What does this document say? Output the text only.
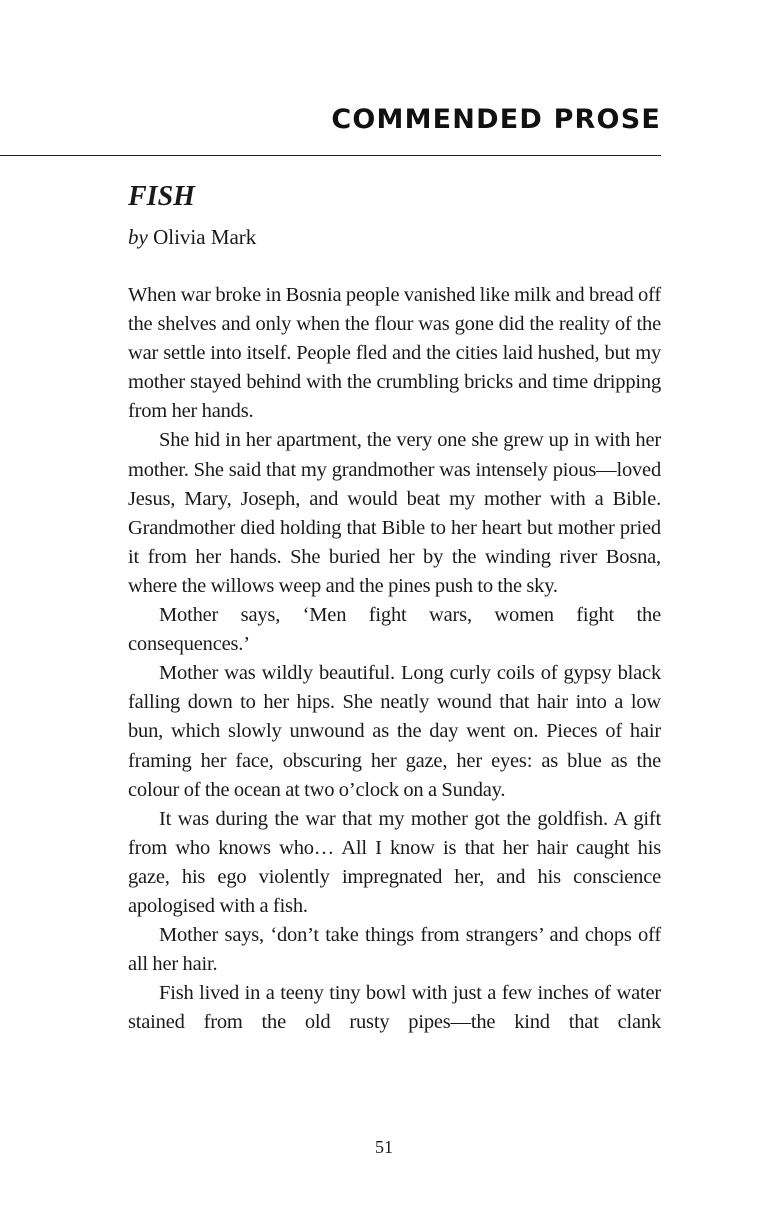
COMMENDED PROSE
FISH
by Olivia Mark

When war broke in Bosnia people vanished like milk and bread off the shelves and only when the flour was gone did the reality of the war settle into itself. People fled and the cities laid hushed, but my mother stayed behind with the crumbling bricks and time dripping from her hands.

She hid in her apartment, the very one she grew up in with her mother. She said that my grandmother was intensely pious—loved Jesus, Mary, Joseph, and would beat my mother with a Bible. Grandmother died holding that Bible to her heart but mother pried it from her hands. She buried her by the winding river Bosna, where the willows weep and the pines push to the sky.

Mother says, ‘Men fight wars, women fight the consequences.’

Mother was wildly beautiful. Long curly coils of gypsy black falling down to her hips. She neatly wound that hair into a low bun, which slowly unwound as the day went on. Pieces of hair framing her face, obscuring her gaze, her eyes: as blue as the colour of the ocean at two o’clock on a Sunday.

It was during the war that my mother got the goldfish. A gift from who knows who… All I know is that her hair caught his gaze, his ego violently impregnated her, and his conscience apologised with a fish.

Mother says, ‘don’t take things from strangers’ and chops off all her hair.

Fish lived in a teeny tiny bowl with just a few inches of water stained from the old rusty pipes—the kind that clank

51
